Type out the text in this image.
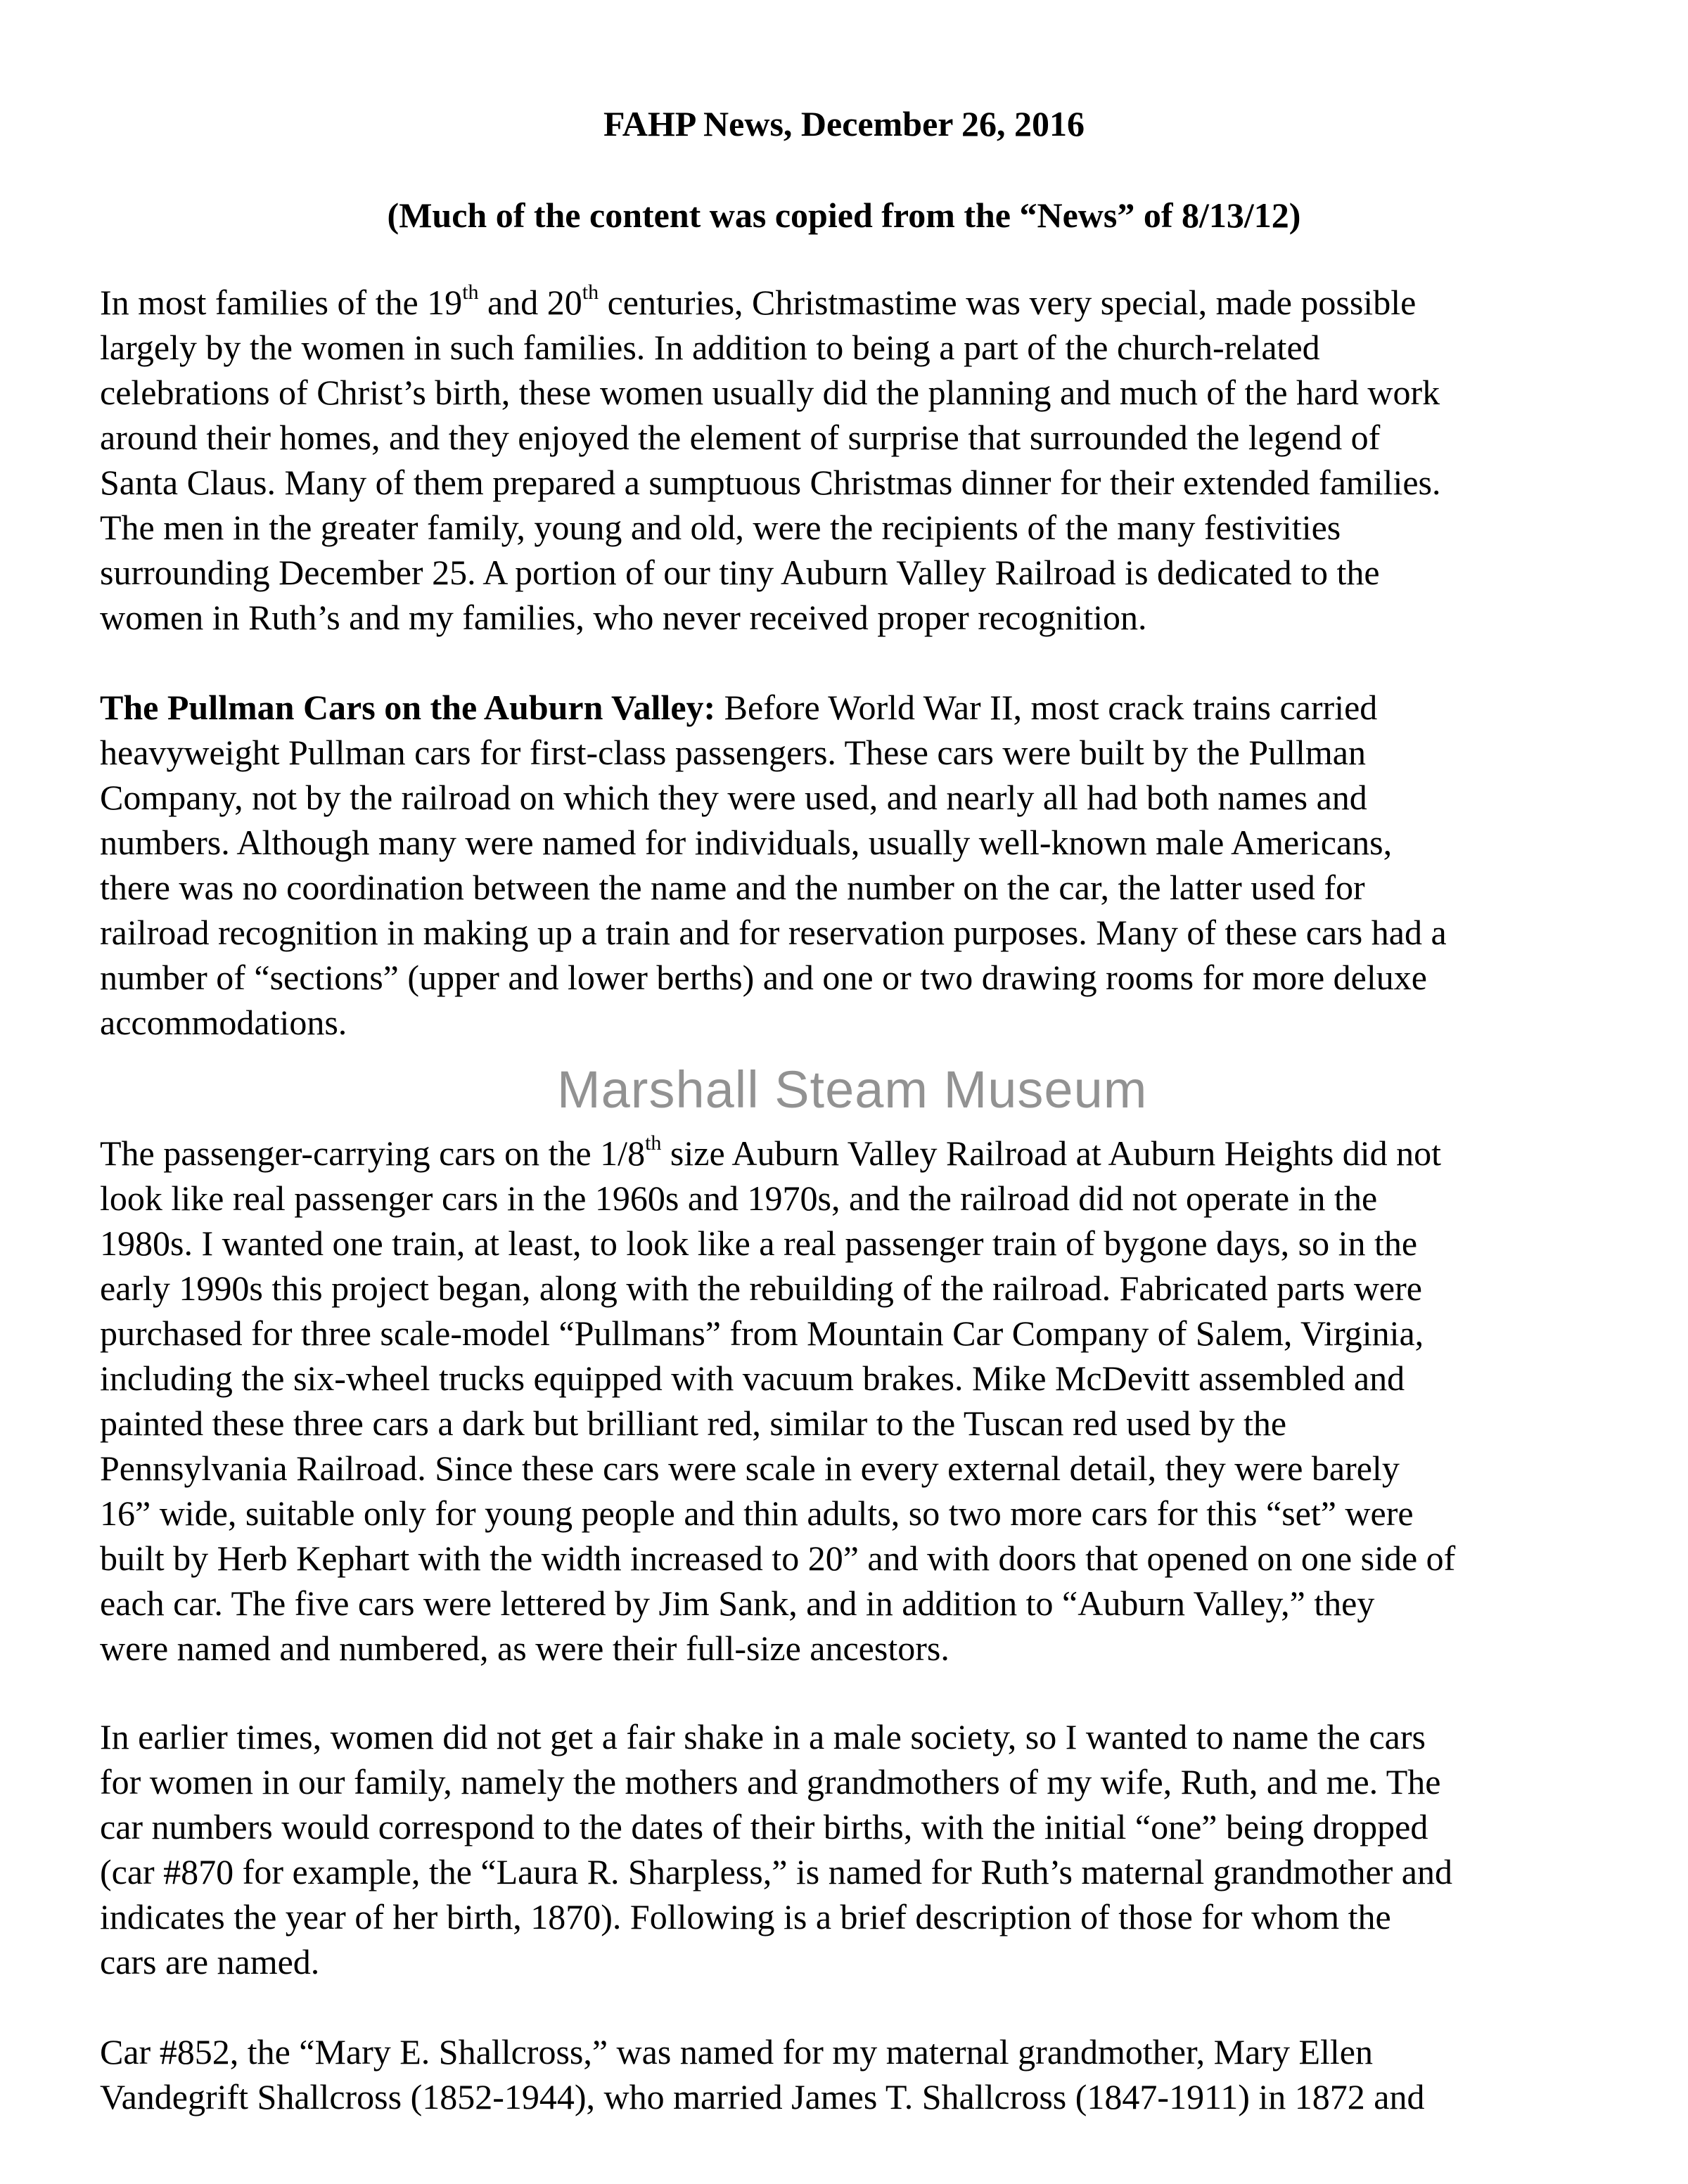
FAHP News, December 26, 2016
(Much of the content was copied from the “News” of 8/13/12)
In most families of the 19th and 20th centuries, Christmastime was very special, made possible
largely by the women in such families. In addition to being a part of the church-related
celebrations of Christ’s birth, these women usually did the planning and much of the hard work
around their homes, and they enjoyed the element of surprise that surrounded the legend of
Santa Claus. Many of them prepared a sumptuous Christmas dinner for their extended families.
The men in the greater family, young and old, were the recipients of the many festivities
surrounding December 25. A portion of our tiny Auburn Valley Railroad is dedicated to the
women in Ruth’s and my families, who never received proper recognition.
The Pullman Cars on the Auburn Valley: Before World War II, most crack trains carried
heavyweight Pullman cars for first-class passengers. These cars were built by the Pullman
Company, not by the railroad on which they were used, and nearly all had both names and
numbers. Although many were named for individuals, usually well-known male Americans,
there was no coordination between the name and the number on the car, the latter used for
railroad recognition in making up a train and for reservation purposes. Many of these cars had a
number of “sections” (upper and lower berths) and one or two drawing rooms for more deluxe
accommodations.
Marshall Steam Museum
The passenger-carrying cars on the 1/8th size Auburn Valley Railroad at Auburn Heights did not
look like real passenger cars in the 1960s and 1970s, and the railroad did not operate in the
1980s. I wanted one train, at least, to look like a real passenger train of bygone days, so in the
early 1990s this project began, along with the rebuilding of the railroad. Fabricated parts were
purchased for three scale-model “Pullmans” from Mountain Car Company of Salem, Virginia,
including the six-wheel trucks equipped with vacuum brakes. Mike McDevitt assembled and
painted these three cars a dark but brilliant red, similar to the Tuscan red used by the
Pennsylvania Railroad. Since these cars were scale in every external detail, they were barely
16” wide, suitable only for young people and thin adults, so two more cars for this “set” were
built by Herb Kephart with the width increased to 20” and with doors that opened on one side of
each car. The five cars were lettered by Jim Sank, and in addition to “Auburn Valley,” they
were named and numbered, as were their full-size ancestors.
In earlier times, women did not get a fair shake in a male society, so I wanted to name the cars
for women in our family, namely the mothers and grandmothers of my wife, Ruth, and me. The
car numbers would correspond to the dates of their births, with the initial “one” being dropped
(car #870 for example, the “Laura R. Sharpless,” is named for Ruth’s maternal grandmother and
indicates the year of her birth, 1870). Following is a brief description of those for whom the
cars are named.
Car #852, the “Mary E. Shallcross,” was named for my maternal grandmother, Mary Ellen
Vandegrift Shallcross (1852-1944), who married James T. Shallcross (1847-1911) in 1872 and
